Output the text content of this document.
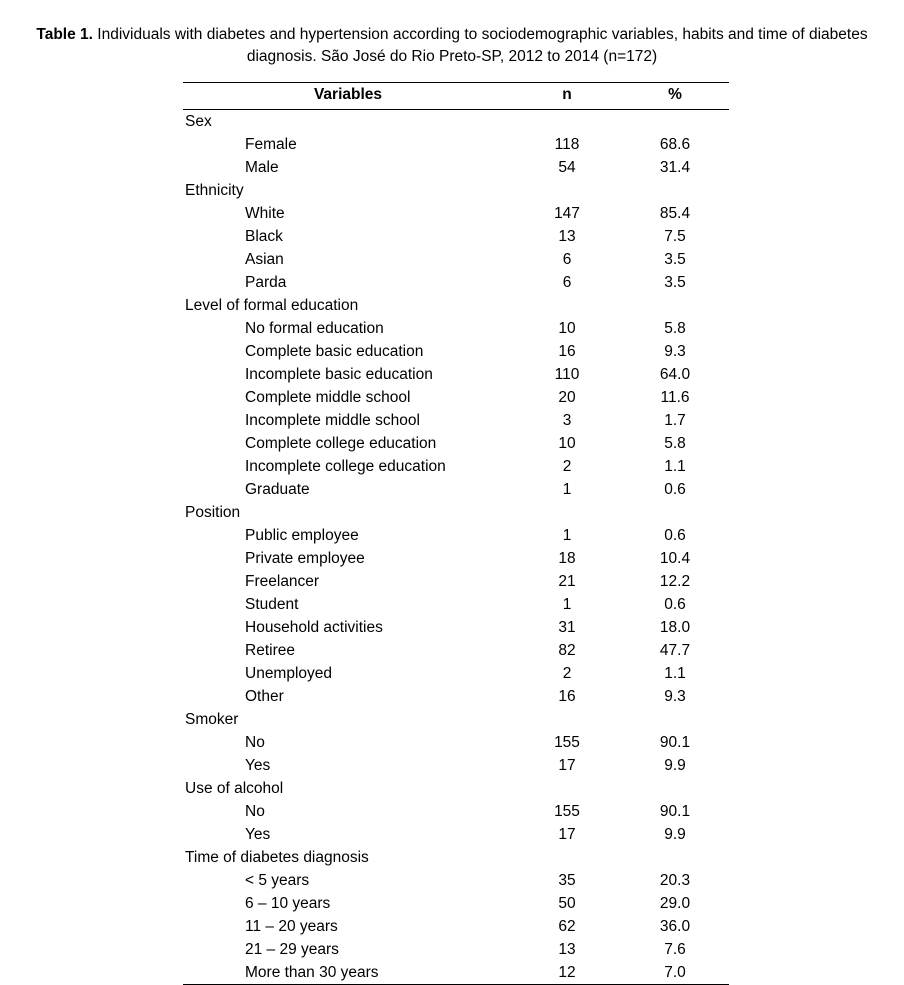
Table 1. Individuals with diabetes and hypertension according to sociodemographic variables, habits and time of diabetes diagnosis. São José do Rio Preto-SP, 2012 to 2014 (n=172)
Variables	n	%
Sex		
Female	118	68.6
Male	54	31.4
Ethnicity		
White	147	85.4
Black	13	7.5
Asian	6	3.5
Parda	6	3.5
Level of formal education		
No formal education	10	5.8
Complete basic education	16	9.3
Incomplete basic education	110	64.0
Complete middle school	20	11.6
Incomplete middle school	3	1.7
Complete college education	10	5.8
Incomplete college education	2	1.1
Graduate	1	0.6
Position		
Public employee	1	0.6
Private employee	18	10.4
Freelancer	21	12.2
Student	1	0.6
Household activities	31	18.0
Retiree	82	47.7
Unemployed	2	1.1
Other	16	9.3
Smoker		
No	155	90.1
Yes	17	9.9
Use of alcohol		
No	155	90.1
Yes	17	9.9
Time of diabetes diagnosis		
< 5 years	35	20.3
6 – 10 years	50	29.0
11 – 20 years	62	36.0
21 – 29 years	13	7.6
More than 30 years	12	7.0
